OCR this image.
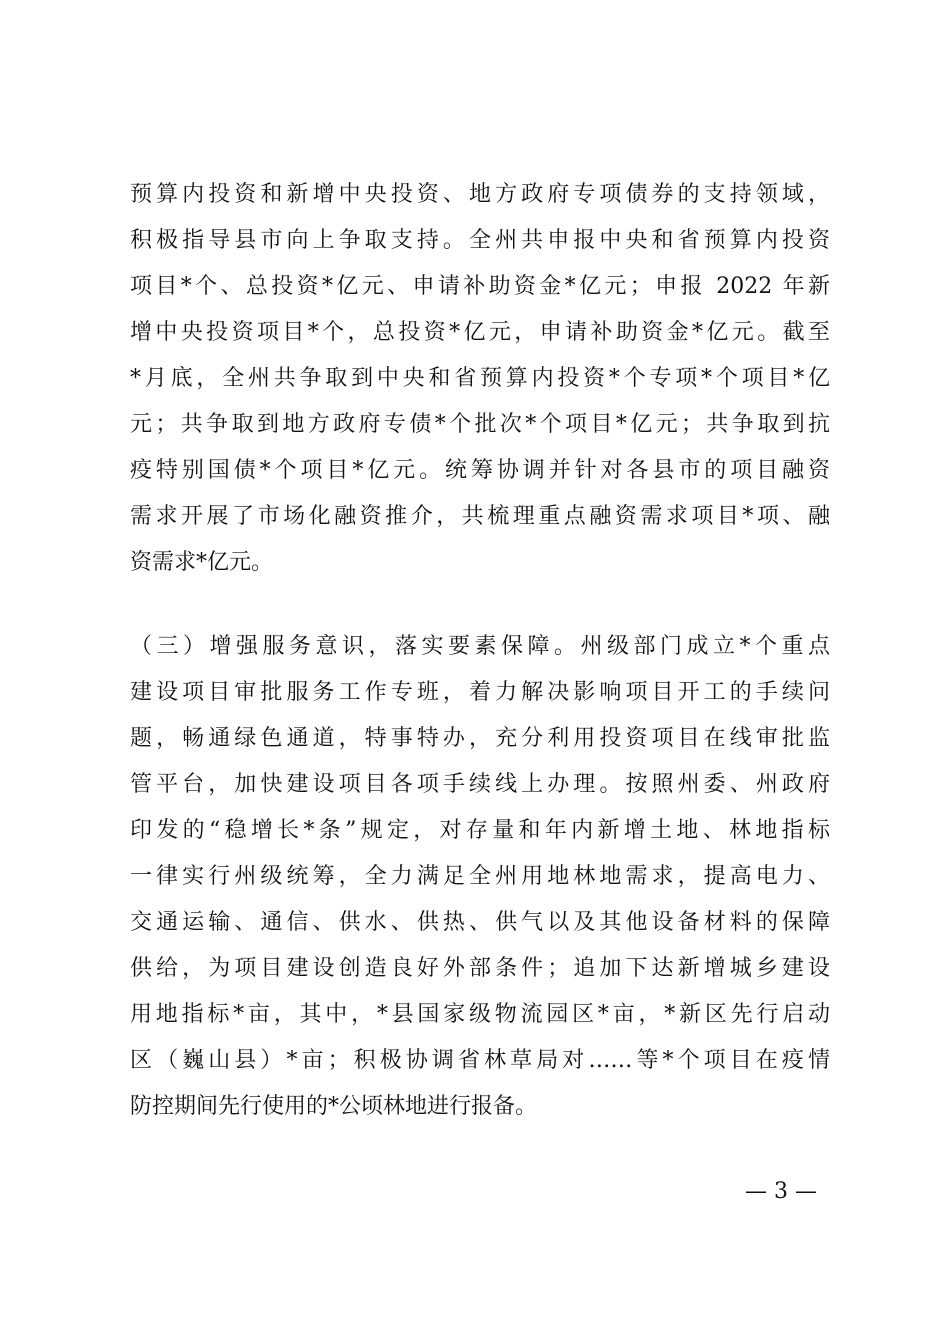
预算内投资和新增中央投资、地方政府专项债券的支持领域，
积极指导县市向上争取支持。全州共申报中央和省预算内投资
项目*个、总投资*亿元、申请补助资金*亿元；申报 2022 年新
增中央投资项目*个，总投资*亿元，申请补助资金*亿元。截至
*月底，全州共争取到中央和省预算内投资*个专项*个项目*亿
元；共争取到地方政府专债*个批次*个项目*亿元；共争取到抗
疫特别国债*个项目*亿元。统筹协调并针对各县市的项目融资
需求开展了市场化融资推介，共梳理重点融资需求项目*项、融
资需求*亿元。
（三）增强服务意识，落实要素保障。州级部门成立*个重点
建设项目审批服务工作专班，着力解决影响项目开工的手续问
题，畅通绿色通道，特事特办，充分利用投资项目在线审批监
管平台，加快建设项目各项手续线上办理。按照州委、州政府
印发的“稳增长*条”规定，对存量和年内新增土地、林地指标
一律实行州级统筹，全力满足全州用地林地需求，提高电力、
交通运输、通信、供水、供热、供气以及其他设备材料的保障
供给，为项目建设创造良好外部条件；追加下达新增城乡建设
用地指标*亩，其中，*县国家级物流园区*亩，*新区先行启动
区（巍山县）*亩；积极协调省林草局对……等*个项目在疫情
防控期间先行使用的*公顷林地进行报备。
— 3 —
